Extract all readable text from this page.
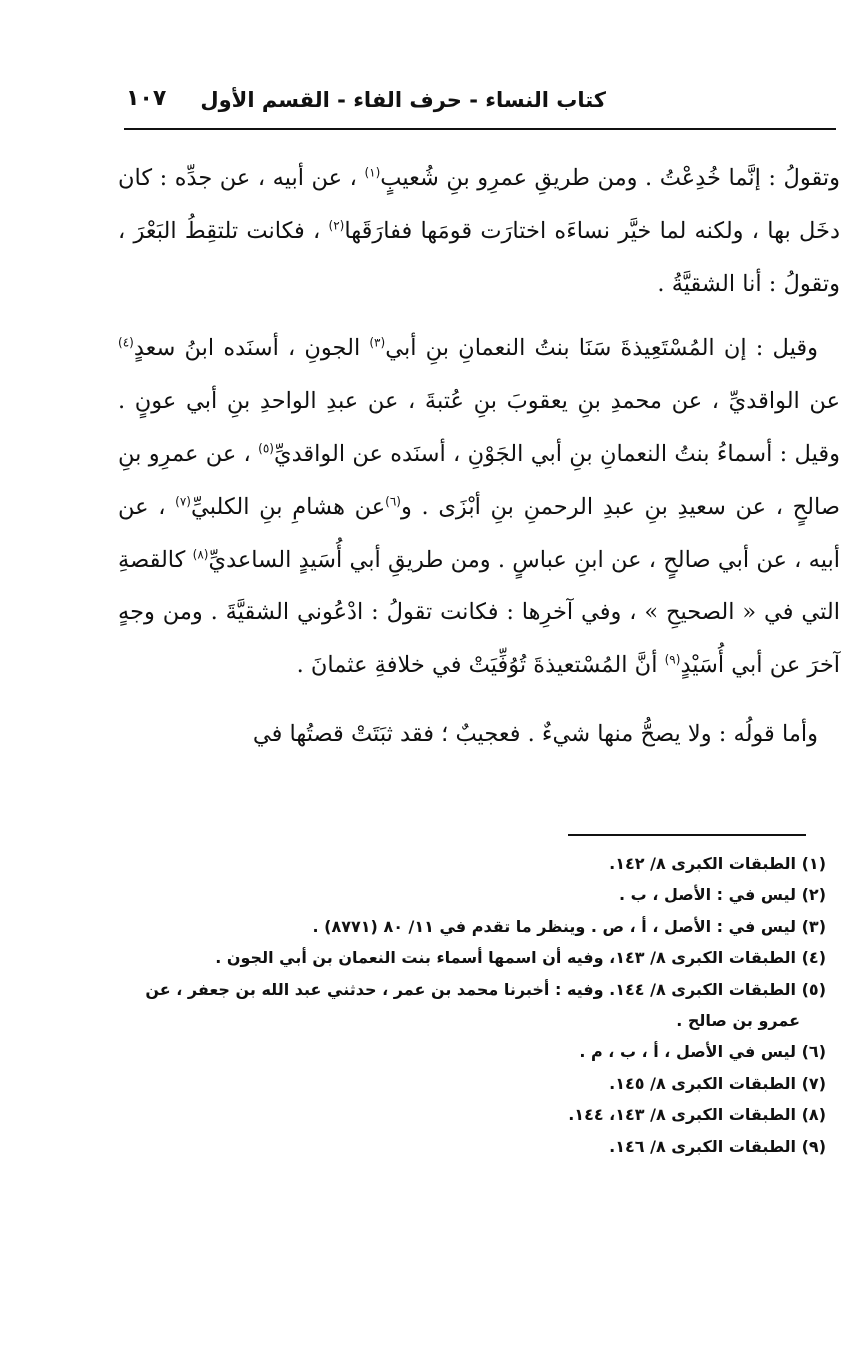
كتاب النساء - حرف الفاء - القسم الأول
١٠٧

وتقولُ : إنَّما خُدِعْتُ . ومن طريقِ عمرِو بنِ شُعيبٍ$^{(١)}$ ، عن أبيه ، عن جدِّه : كان دخَل بها ، ولكنه لما خيَّر نساءَه اختارَت قومَها ففارَقَها$^{(٢)}$ ، فكانت تلتقِطُ البَعْرَ ، وتقولُ : أنا الشقيَّةُ .

وقيل : إن المُسْتَعِيذةَ سَنَا بنتُ النعمانِ بنِ أبي$^{(٣)}$ الجونِ ، أسنَده ابنُ سعدٍ$^{(٤)}$ عن الواقديِّ ، عن محمدِ بنِ يعقوبَ بنِ عُتبةَ ، عن عبدِ الواحدِ بنِ أبي عونٍ . وقيل : أسماءُ بنتُ النعمانِ بنِ أبي الجَوْنِ ، أسنَده عن الواقديِّ$^{(٥)}$ ، عن عمرِو بنِ صالحٍ ، عن سعيدِ بنِ عبدِ الرحمنِ بنِ أبْزَى . و$^{(٦)}$عن هشامِ بنِ الكلبيِّ$^{(٧)}$ ، عن أبيه ، عن أبي صالحٍ ، عن ابنِ عباسٍ . ومن طريقِ أبي أُسَيدٍ الساعديِّ$^{(٨)}$ كالقصةِ التي في « الصحيحِ » ، وفي آخرِها : فكانت تقولُ : ادْعُوني الشقيَّةَ . ومن وجهٍ آخرَ عن أبي أُسَيْدٍ$^{(٩)}$ أنَّ المُسْتعيذةَ تُوُفِّيَتْ في خلافةِ عثمانَ .

وأما قولُه : ولا يصحُّ منها شيءٌ . فعجيبٌ ؛ فقد ثبَتَتْ قصتُها في

(١) الطبقات الكبرى ٨/ ١٤٢.
(٢) ليس في : الأصل ، ب .
(٣) ليس في : الأصل ، أ ، ص . وينظر ما تقدم في ١١/ ٨٠ (٨٧٧١) .
(٤) الطبقات الكبرى ٨/ ١٤٣، وفيه أن اسمها أسماء بنت النعمان بن أبي الجون .
(٥) الطبقات الكبرى ٨/ ١٤٤. وفيه : أخبرنا محمد بن عمر ، حدثني عبد الله بن جعفر ، عن
عمرو بن صالح .
(٦) ليس في الأصل ، أ ، ب ، م .
(٧) الطبقات الكبرى ٨/ ١٤٥.
(٨) الطبقات الكبرى ٨/ ١٤٣، ١٤٤.
(٩) الطبقات الكبرى ٨/ ١٤٦.
